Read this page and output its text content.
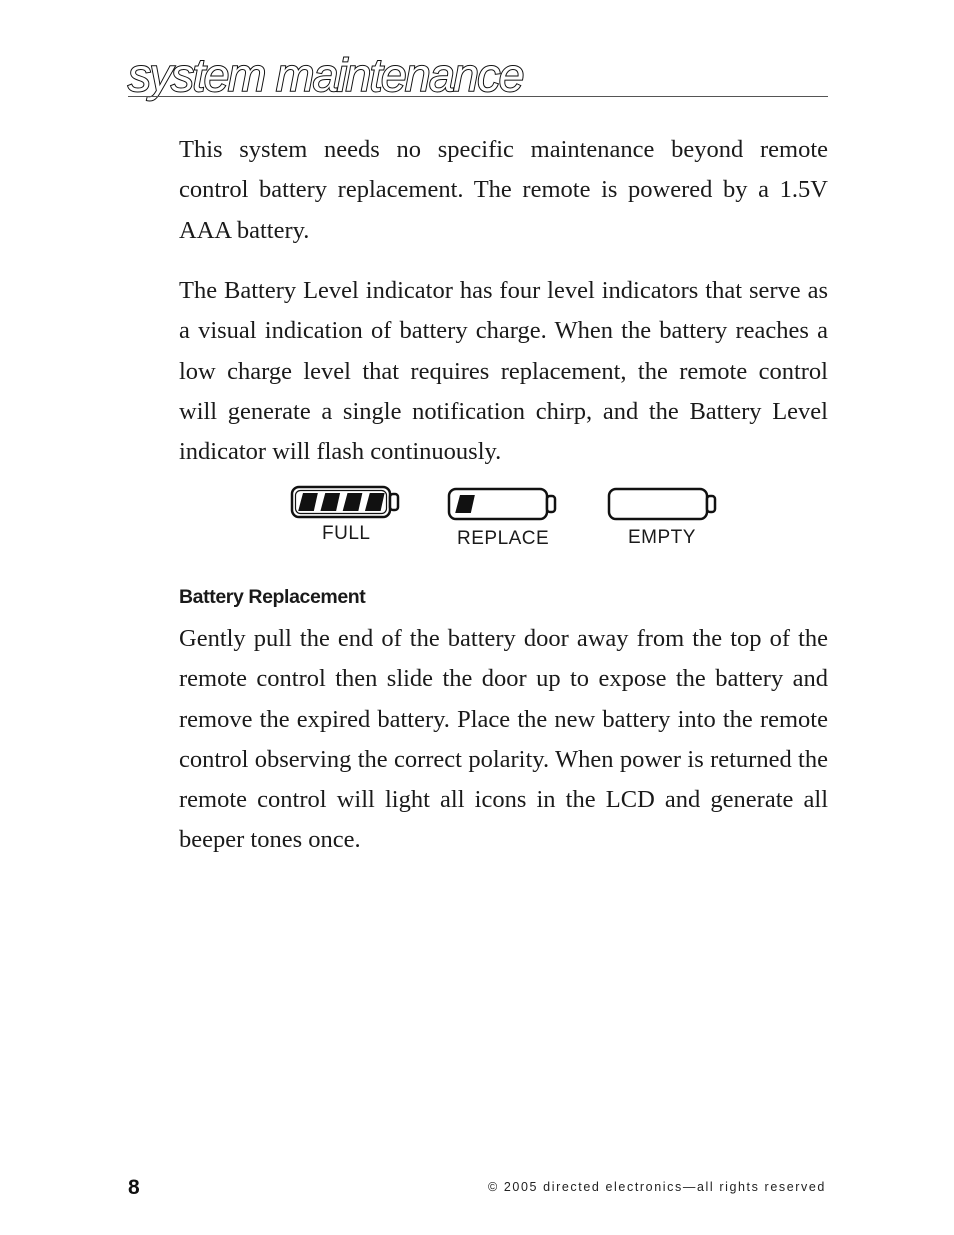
system maintenance

This system needs no specific maintenance beyond remote control battery replacement. The remote is powered by a 1.5V AAA battery.

The Battery Level indicator has four level indicators that serve as a visual indication of battery charge. When the battery reaches a low charge level that requires replacement, the remote control will generate a single notification chirp, and the Battery Level indicator will flash continuously.

FULL	REPLACE	EMPTY
Battery Replacement

Gently pull the end of the battery door away from the top of the remote control then slide the door up to expose the battery and remove the expired battery. Place the new battery into the remote control observing the correct polarity. When power is returned the remote control will light all icons in the LCD and generate all beeper tones once.

8	© 2005 directed electronics—all rights reserved
